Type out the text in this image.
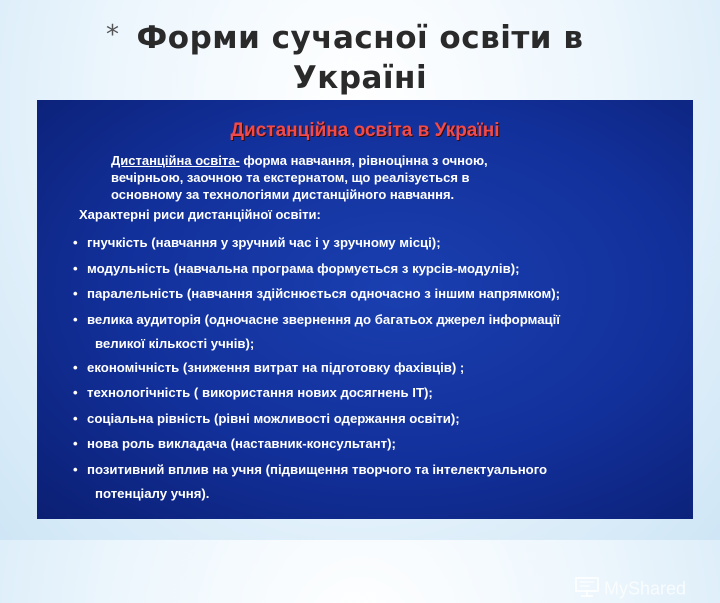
* Форми сучасної освіти в
Україні
Дистанційна освіта в Україні
Дистанційна освіта- форма навчання, рівноцінна з очною,
вечірньою, заочною та екстернатом, що реалізується в
основному за технологіями дистанційного навчання.
Характерні риси дистанційної освіти:
• гнучкість (навчання у зручний час і у зручному місці);
• модульність (навчальна програма формується з курсів-модулів);
• паралельність (навчання здійснюється одночасно з іншим напрямком);
• велика аудиторія (одночасне звернення до багатьох джерел інформації
великої кількості учнів);
• економічність (зниження витрат на підготовку фахівців) ;
• технологічність ( використання нових досягнень ІТ);
• соціальна рівність (рівні можливості одержання освіти);
• нова роль викладача (наставник-консультант);
• позитивний вплив на учня (підвищення творчого та інтелектуального
потенціалу учня).
MyShared
